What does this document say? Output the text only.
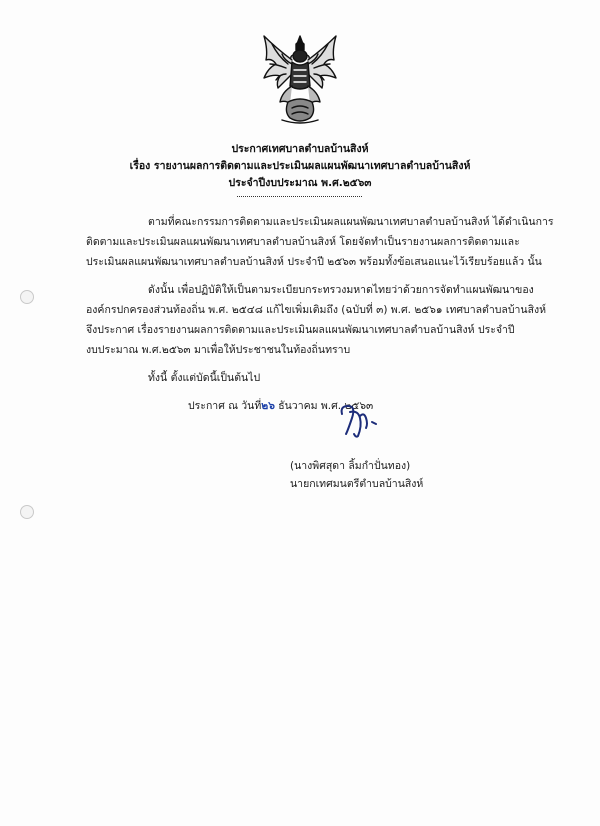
ประกาศเทศบาลตำบลบ้านสิงห์
เรื่อง รายงานผลการติดตามและประเมินผลแผนพัฒนาเทศบาลตำบลบ้านสิงห์
ประจำปีงบประมาณ พ.ศ.๒๕๖๓
ตามที่คณะกรรมการติดตามและประเมินผลแผนพัฒนาเทศบาลตำบลบ้านสิงห์ ได้ดำเนินการ
ติดตามและประเมินผลแผนพัฒนาเทศบาลตำบลบ้านสิงห์ โดยจัดทำเป็นรายงานผลการติดตามและ
ประเมินผลแผนพัฒนาเทศบาลตำบลบ้านสิงห์ ประจำปี ๒๕๖๓ พร้อมทั้งข้อเสนอแนะไว้เรียบร้อยแล้ว นั้น
ดังนั้น เพื่อปฏิบัติให้เป็นตามระเบียบกระทรวงมหาดไทยว่าด้วยการจัดทำแผนพัฒนาของ
องค์กรปกครองส่วนท้องถิ่น พ.ศ. ๒๕๔๘ แก้ไขเพิ่มเติมถึง (ฉบับที่ ๓) พ.ศ. ๒๕๖๑ เทศบาลตำบลบ้านสิงห์
จึงประกาศ เรื่องรายงานผลการติดตามและประเมินผลแผนพัฒนาเทศบาลตำบลบ้านสิงห์ ประจำปี
งบประมาณ พ.ศ.๒๕๖๓ มาเพื่อให้ประชาชนในท้องถิ่นทราบ
ทั้งนี้ ตั้งแต่บัดนี้เป็นต้นไป
ประกาศ ณ วันที่๒๖ ธันวาคม พ.ศ. ๒๕๖๓
(นางพิศสุดา ลิ้มกำปั่นทอง)
นายกเทศมนตรีตำบลบ้านสิงห์
